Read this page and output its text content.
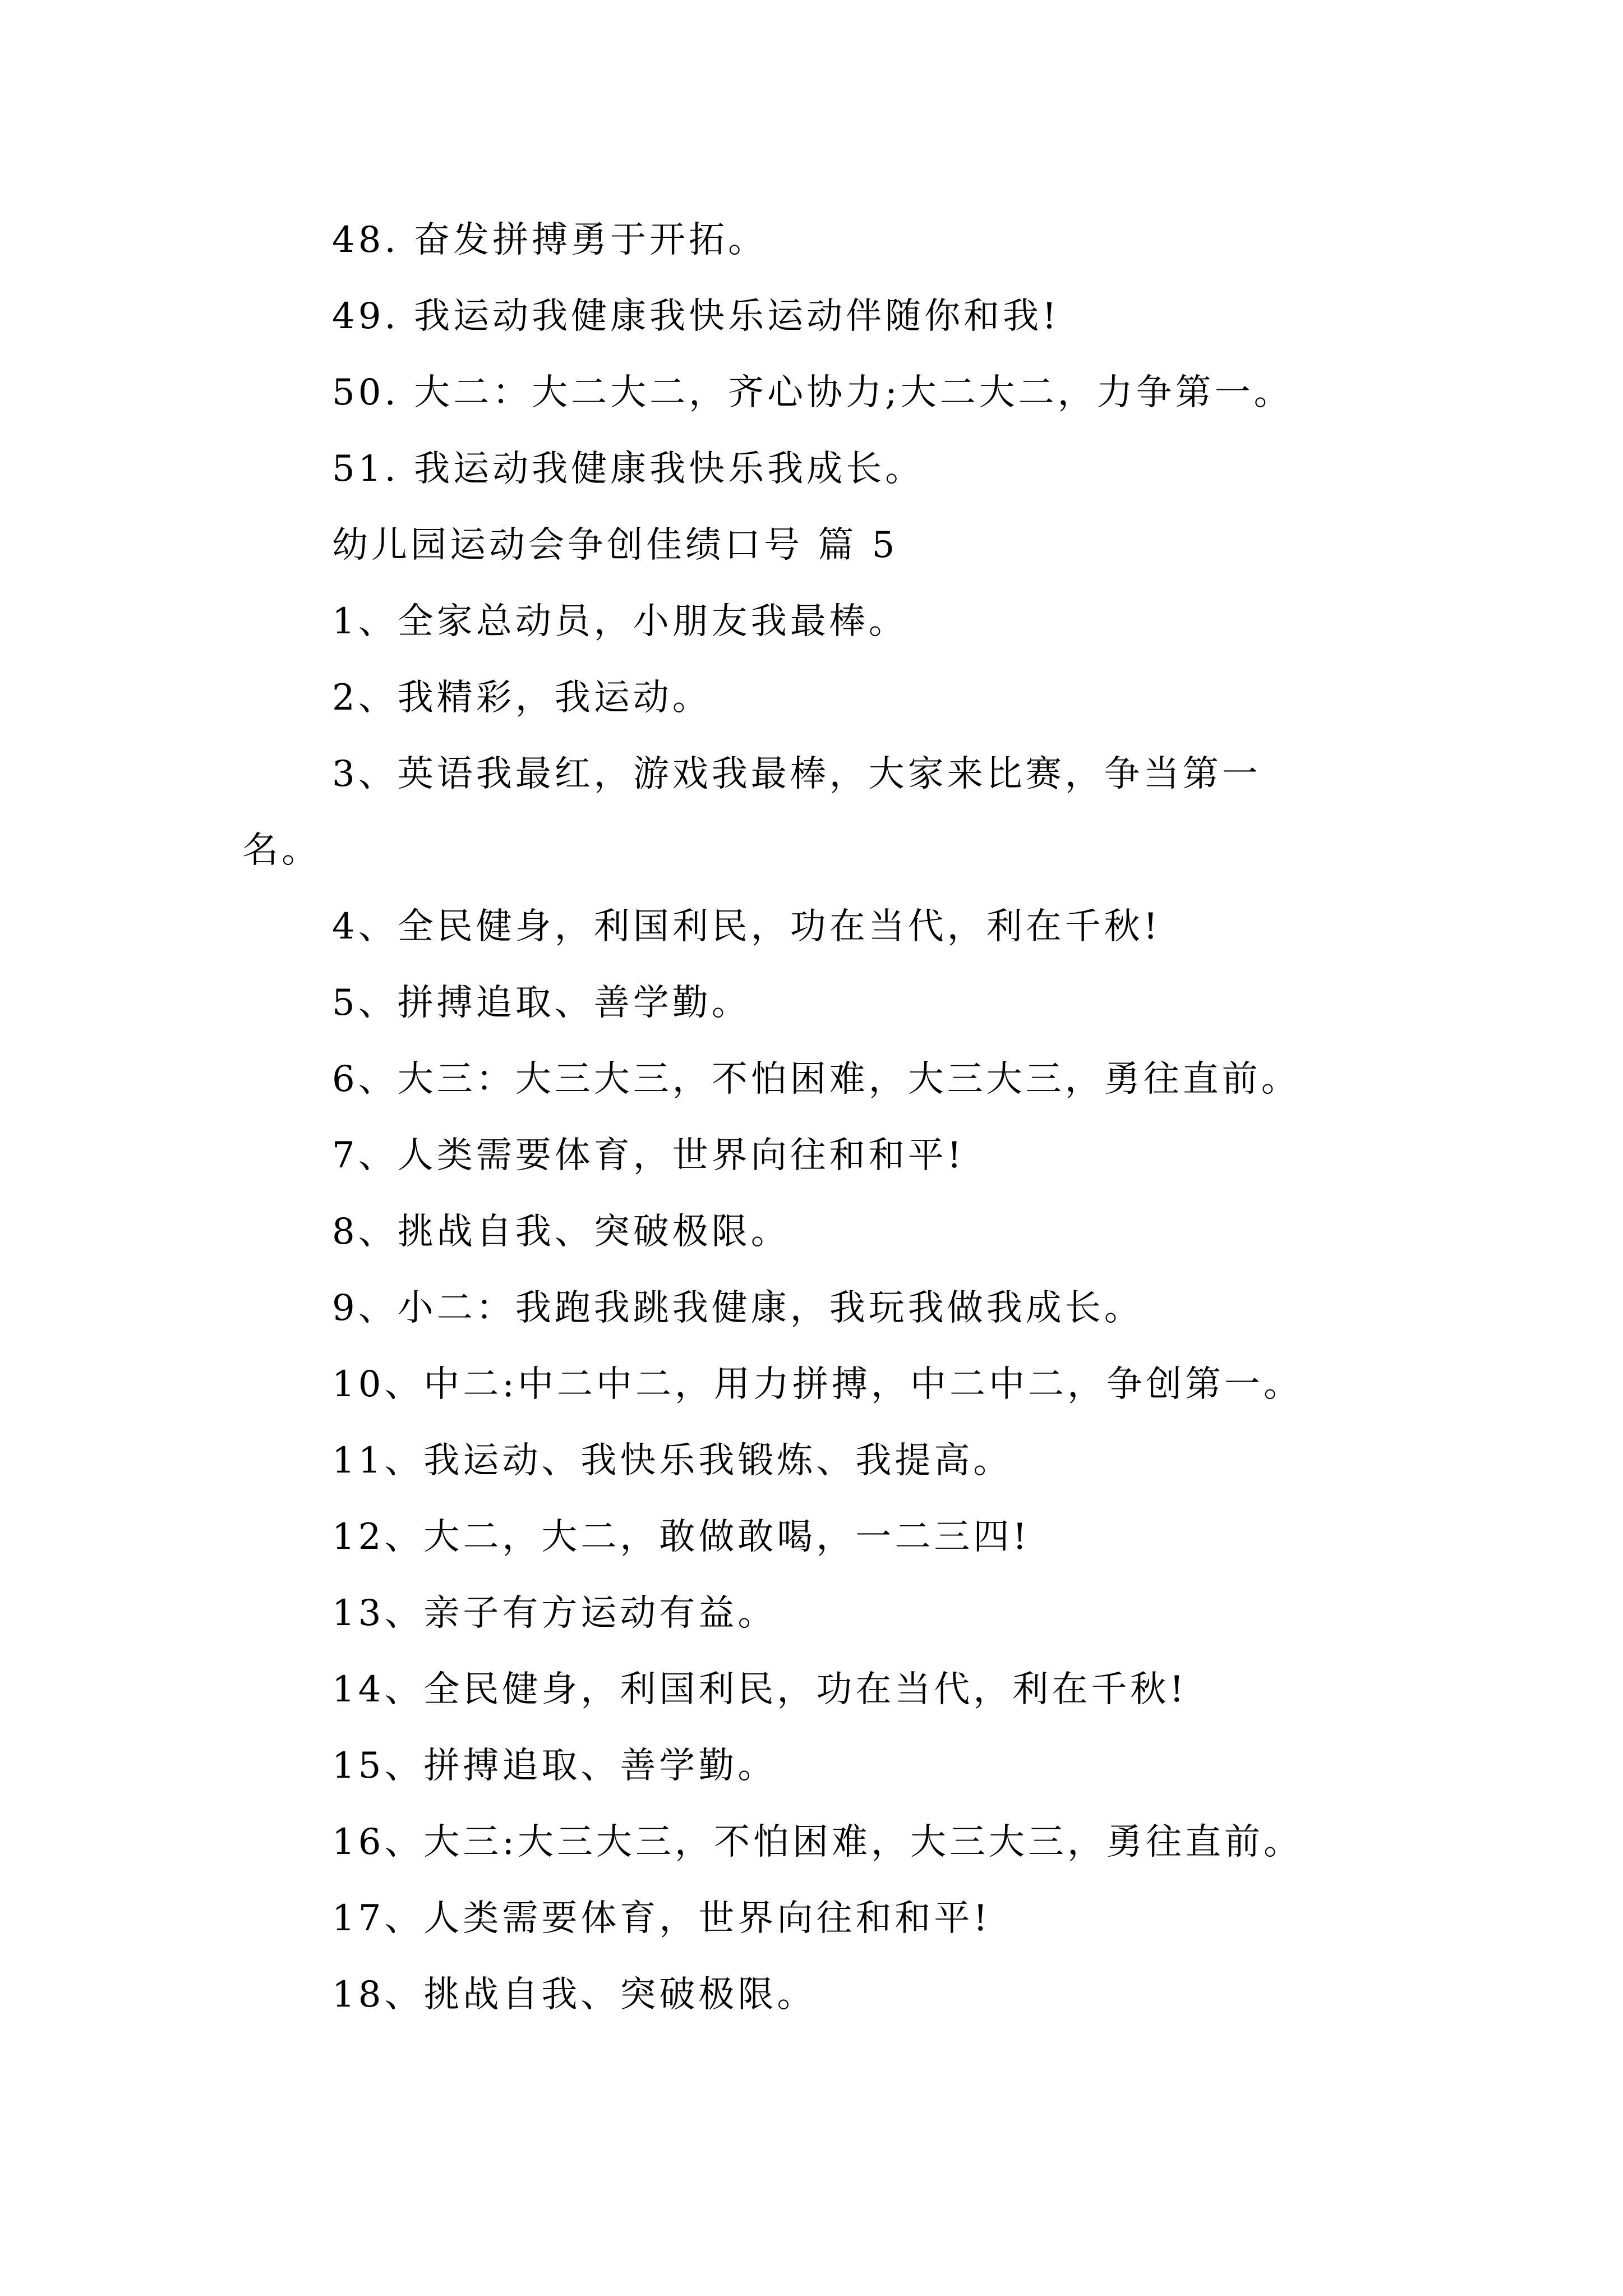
48. 奋发拼搏勇于开拓。
49. 我运动我健康我快乐运动伴随你和我!
50. 大二：大二大二，齐心协力;大二大二，力争第一。
51. 我运动我健康我快乐我成长。
幼儿园运动会争创佳绩口号 篇 5
1、全家总动员，小朋友我最棒。
2、我精彩，我运动。
3、英语我最红，游戏我最棒，大家来比赛，争当第一
名。
4、全民健身，利国利民，功在当代，利在千秋!
5、拼搏追取、善学勤。
6、大三：大三大三，不怕困难，大三大三，勇往直前。
7、人类需要体育，世界向往和和平!
8、挑战自我、突破极限。
9、小二：我跑我跳我健康，我玩我做我成长。
10、中二:中二中二，用力拼搏，中二中二，争创第一。
11、我运动、我快乐我锻炼、我提高。
12、大二，大二，敢做敢喝，一二三四!
13、亲子有方运动有益。
14、全民健身，利国利民，功在当代，利在千秋!
15、拼搏追取、善学勤。
16、大三:大三大三，不怕困难，大三大三，勇往直前。
17、人类需要体育，世界向往和和平!
18、挑战自我、突破极限。
